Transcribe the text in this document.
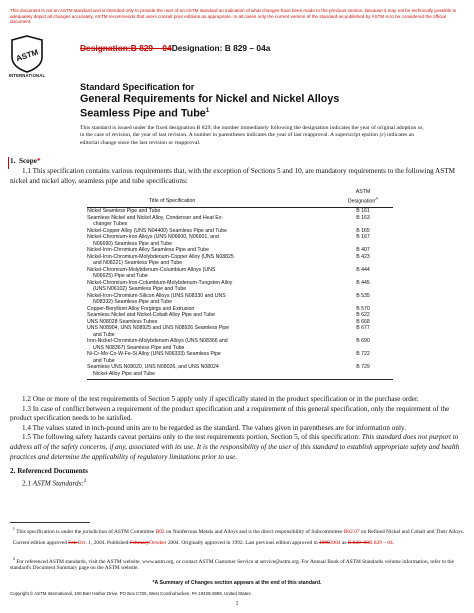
This document is not an ASTM standard and is intended only to provide the user of an ASTM standard an indication of what changes have been made to the previous version. Because it may not be technically possible to adequately depict all changes accurately, ASTM recommends that users consult prior editions as appropriate. In all cases only the current version of the standard as published by ASTM is to be considered the official document.
ASTM
INTERNATIONAL
Designation:B 829 – 04Designation: B 829 – 04a
Standard Specification for
General Requirements for Nickel and Nickel Alloys
Seamless Pipe and Tube$^1$
This standard is issued under the fixed designation B 829; the number immediately following the designation indicates the year of original adoption or, in the case of revision, the year of last revision. A number in parentheses indicates the year of last reapproval. A superscript epsilon (ε) indicates an editorial change since the last revision or reapproval.
1. Scope*
1.1 This specification contains various requirements that, with the exception of Sections 5 and 10, are mandatory requirements to the following ASTM nickel and nickel alloy, seamless pipe and tube specifications:
Title of Specification
ASTM
Designation$^A$
Nickel Seamless Pipe and Tube	B 161
Seamless Nickel and Nickel Alloy, Condenser and Heat Ex-
changer Tubes
B 163
Nickel-Copper Alloy (UNS N04400) Seamless Pipe and Tube	B 165
Nickel-Chromium-Iron Alloys (UNS N06600, N06601, and
N06690) Seamless Pipe and Tube
B 167
Nickel-Iron-Chromium Alloy Seamless Pipe and Tube	B 407
Nickel-Iron-Chromium-Molybdenum-Copper Alloy (UNS N08825
and N08221) Seamless Pipe and Tube
B 423
Nickel-Chromium-Molybdenum-Columbium Alloys (UNS
N06625) Pipe and Tube
B 444
Nickel-Chromium-Iron-Columbium-Molybdenum-Tungsten Alloy
(UNS N06102) Seamless Pipe and Tube
B 445
Nickel-Iron-Chromium-Silicon Alloys (UNS N08330 and UNS
N08332) Seamless Pipe and Tube
B 535
Copper-Beryllium Alloy Forgings and Extrusion	B 570
Seamless Nickel and Nickel-Cobalt Alloy Pipe and Tube	B 622
UNS N08028 Seamless Tubes	B 668
UNS N08904, UNS N08925 and UNS N08926 Seamless Pipe
and Tube
B 677
Iron-Nickel-Chromium-Molybdenum Alloys (UNS N08366 and
UNS N08367) Seamless Pipe and Tube
B 690
Ni-Cr-Mo-Co-W-Fe-Si Alloy (UNS N06333) Seamless Pipe
and Tube
B 722
Seamless UNS N08020, UNS N08026, and UNS N08024
Nickel-Alloy Pipe and Tube
B 729
1.2 One or more of the test requirements of Section 5 apply only if specifically stated in the product specification or in the purchase order.
1.3 In case of conflict between a requirement of the product specification and a requirement of this general specification, only the requirement of the product specification needs to be satisfied.
1.4 The values stated in inch-pound units are to be regarded as the standard. The values given in parentheses are for information only.
1.5 The following safety hazards caveat pertains only to the test requirements portion, Section 5, of this specification: This standard does not purport to address all of the safety concerns, if any, associated with its use. It is the responsibility of the user of this standard to establish appropriate safety and health practices and determine the applicability of regulatory limitations prior to use.
2. Referenced Documents
2.1 ASTM Standards:$^2$
$^1$ This specification is under the jurisdiction of ASTM Committee B02 on Nonferrous Metals and Alloys and is the direct responsibility of Subcommittee B02.07 on Refined Nickel and Cobalt and Their Alloys.
Current edition approved Feb.Oct. 1, 2004. Published FebruaryOctober 2004. Originally approved in 1992. Last previous edition approved in 19992004 as B 829–99B 829 – 04.
$^2$ For referenced ASTM standards, visit the ASTM website, www.astm.org, or contact ASTM Customer Service at service@astm.org. For Annual Book of ASTM Standards volume information, refer to the standard's Document Summary page on the ASTM website.
*A Summary of Changes section appears at the end of this standard.
Copyright © ASTM International, 100 Barr Harbor Drive, PO Box C700, West Conshohocken, PA 19428-2959, United States.
1
